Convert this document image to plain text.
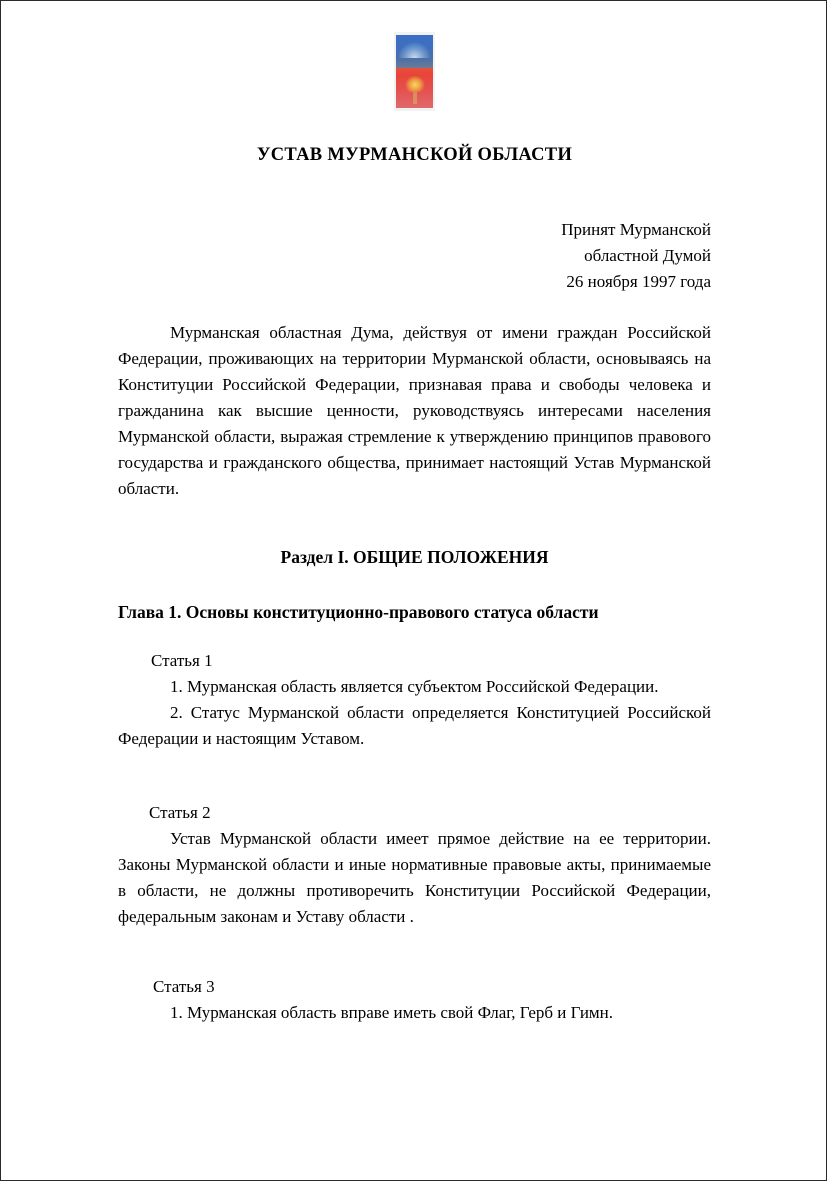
УСТАВ МУРМАНСКОЙ ОБЛАСТИ
Принят Мурманской
областной Думой
26 ноября 1997 года
Мурманская областная Дума, действуя от имени граждан Российской Федерации, проживающих на территории Мурманской области, основываясь на Конституции Российской Федерации, признавая права и свободы человека и гражданина как высшие ценности, руководствуясь интересами населения Мурманской области, выражая стремление к утверждению принципов правового государства и гражданского общества, принимает настоящий Устав Мурманской области.
Раздел I. ОБЩИЕ ПОЛОЖЕНИЯ
Глава 1. Основы конституционно-правового статуса области
Статья 1

1. Мурманская область является субъектом Российской Федерации.

2. Статус Мурманской области определяется Конституцией Российской Федерации и настоящим Уставом.

Статья 2

Устав Мурманской области имеет прямое действие на ее территории. Законы Мурманской области и иные нормативные правовые акты, принимаемые в области, не должны противоречить Конституции Российской Федерации, федеральным законам и Уставу области .

Статья 3

1. Мурманская область вправе иметь свой Флаг, Герб и Гимн.
